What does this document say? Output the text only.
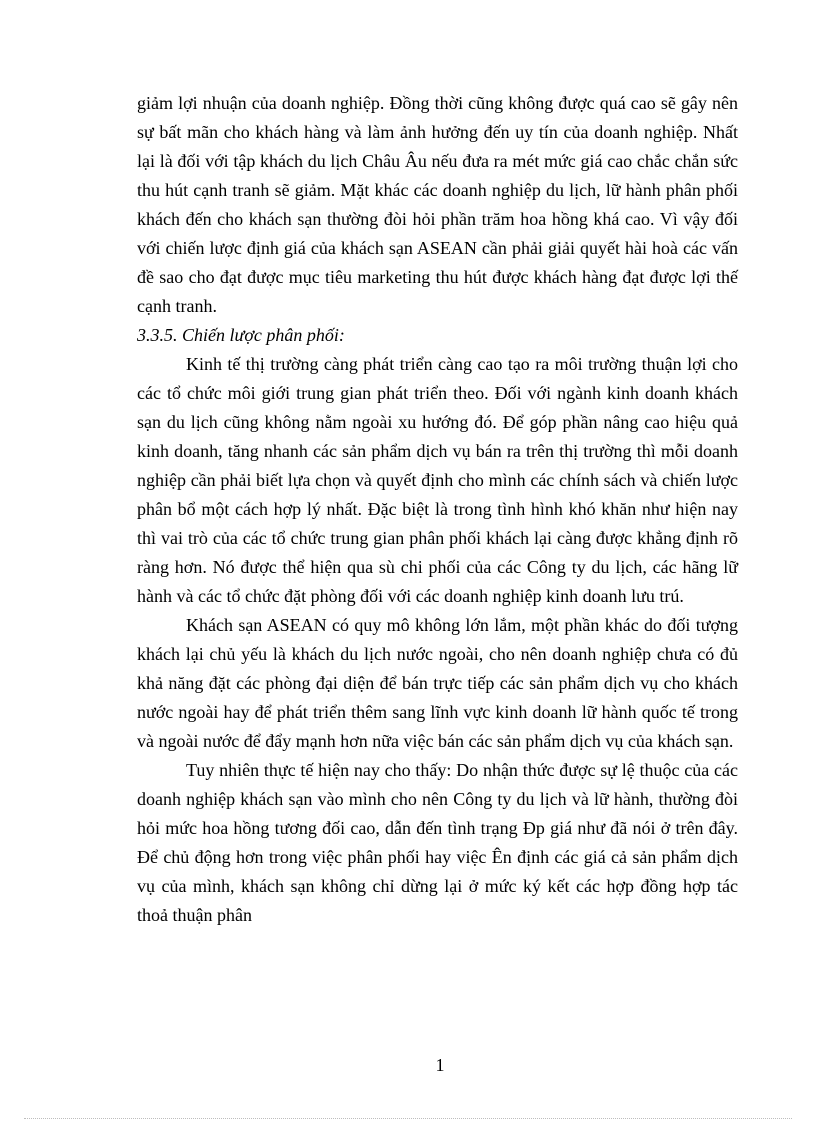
giảm lợi nhuận của doanh nghiệp. Đồng thời cũng không được quá cao sẽ gây nên sự bất mãn cho khách hàng và làm ảnh hưởng đến uy tín của doanh nghiệp. Nhất lại là đối với tập khách du lịch Châu Âu nếu đưa ra mét mức giá cao chắc chắn sức thu hút cạnh tranh sẽ giảm. Mặt khác các doanh nghiệp du lịch, lữ hành phân phối khách đến cho khách sạn thường đòi hỏi phần trăm hoa hồng khá cao. Vì vậy đối với chiến lược định giá của khách sạn ASEAN cần phải giải quyết hài hoà các vấn đề sao cho đạt được mục tiêu marketing thu hút được khách hàng đạt được lợi thế cạnh tranh.

3.3.5. Chiến lược phân phối:

Kinh tế thị trường càng phát triển càng cao tạo ra môi trường thuận lợi cho các tổ chức môi giới trung gian phát triển theo. Đối với ngành kinh doanh khách sạn du lịch cũng không nằm ngoài xu hướng đó. Để góp phần nâng cao hiệu quả kinh doanh, tăng nhanh các sản phẩm dịch vụ bán ra trên thị trường thì mỗi doanh nghiệp cần phải biết lựa chọn và quyết định cho mình các chính sách và chiến lược phân bổ một cách hợp lý nhất. Đặc biệt là trong tình hình khó khăn như hiện nay thì vai trò của các tổ chức trung gian phân phối khách lại càng được khẳng định rõ ràng hơn. Nó được thể hiện qua sù chi phối của các Công ty du lịch, các hãng lữ hành và các tổ chức đặt phòng đối với các doanh nghiệp kinh doanh lưu trú.

Khách sạn ASEAN có quy mô không lớn lắm, một phần khác do đối tượng khách lại chủ yếu là khách du lịch nước ngoài, cho nên doanh nghiệp chưa có đủ khả năng đặt các phòng đại diện để bán trực tiếp các sản phẩm dịch vụ cho khách nước ngoài hay để phát triển thêm sang lĩnh vực kinh doanh lữ hành quốc tế trong và ngoài nước để đẩy mạnh hơn nữa việc bán các sản phẩm dịch vụ của khách sạn.

Tuy nhiên thực tế hiện nay cho thấy: Do nhận thức được sự lệ thuộc của các doanh nghiệp khách sạn vào mình cho nên Công ty du lịch và lữ hành, thường đòi hỏi mức hoa hồng tương đối cao, dẫn đến tình trạng Ðp giá như đã nói ở trên đây. Để chủ động hơn trong việc phân phối hay việc Ên định các giá cả sản phẩm dịch vụ của mình, khách sạn không chỉ dừng lại ở mức ký kết các hợp đồng hợp tác thoả thuận phân

1
